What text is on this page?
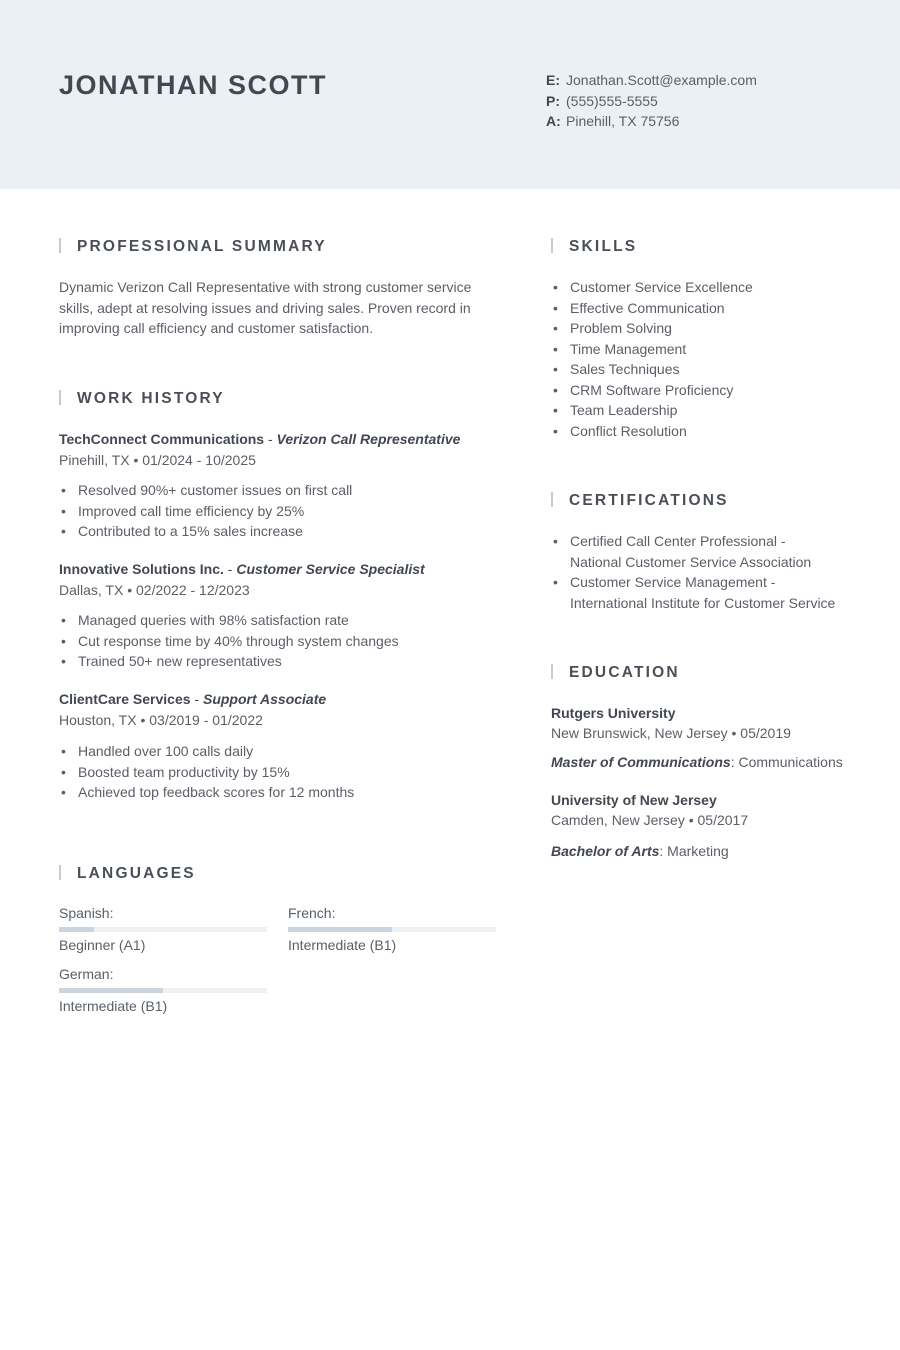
JONATHAN SCOTT	E: Jonathan.Scott@example.com
P: (555)555-5555
A: Pinehill, TX 75756
PROFESSIONAL SUMMARY
Dynamic Verizon Call Representative with strong customer service
skills, adept at resolving issues and driving sales. Proven record in
improving call efficiency and customer satisfaction.
WORK HISTORY
TechConnect Communications - Verizon Call Representative
Pinehill, TX • 01/2024 - 10/2025
• Resolved 90%+ customer issues on first call
• Improved call time efficiency by 25%
• Contributed to a 15% sales increase
Innovative Solutions Inc. - Customer Service Specialist
Dallas, TX • 02/2022 - 12/2023
• Managed queries with 98% satisfaction rate
• Cut response time by 40% through system changes
• Trained 50+ new representatives
ClientCare Services - Support Associate
Houston, TX • 03/2019 - 01/2022
• Handled over 100 calls daily
• Boosted team productivity by 15%
• Achieved top feedback scores for 12 months
LANGUAGES
Spanish:
Beginner (A1)
French:
Intermediate (B1)
German:
Intermediate (B1)
SKILLS
• Customer Service Excellence
• Effective Communication
• Problem Solving
• Time Management
• Sales Techniques
• CRM Software Proficiency
• Team Leadership
• Conflict Resolution
CERTIFICATIONS
• Certified Call Center Professional -
National Customer Service Association
• Customer Service Management -
International Institute for Customer Service
EDUCATION
Rutgers University
New Brunswick, New Jersey • 05/2019
Master of Communications: Communications
University of New Jersey
Camden, New Jersey • 05/2017
Bachelor of Arts: Marketing
